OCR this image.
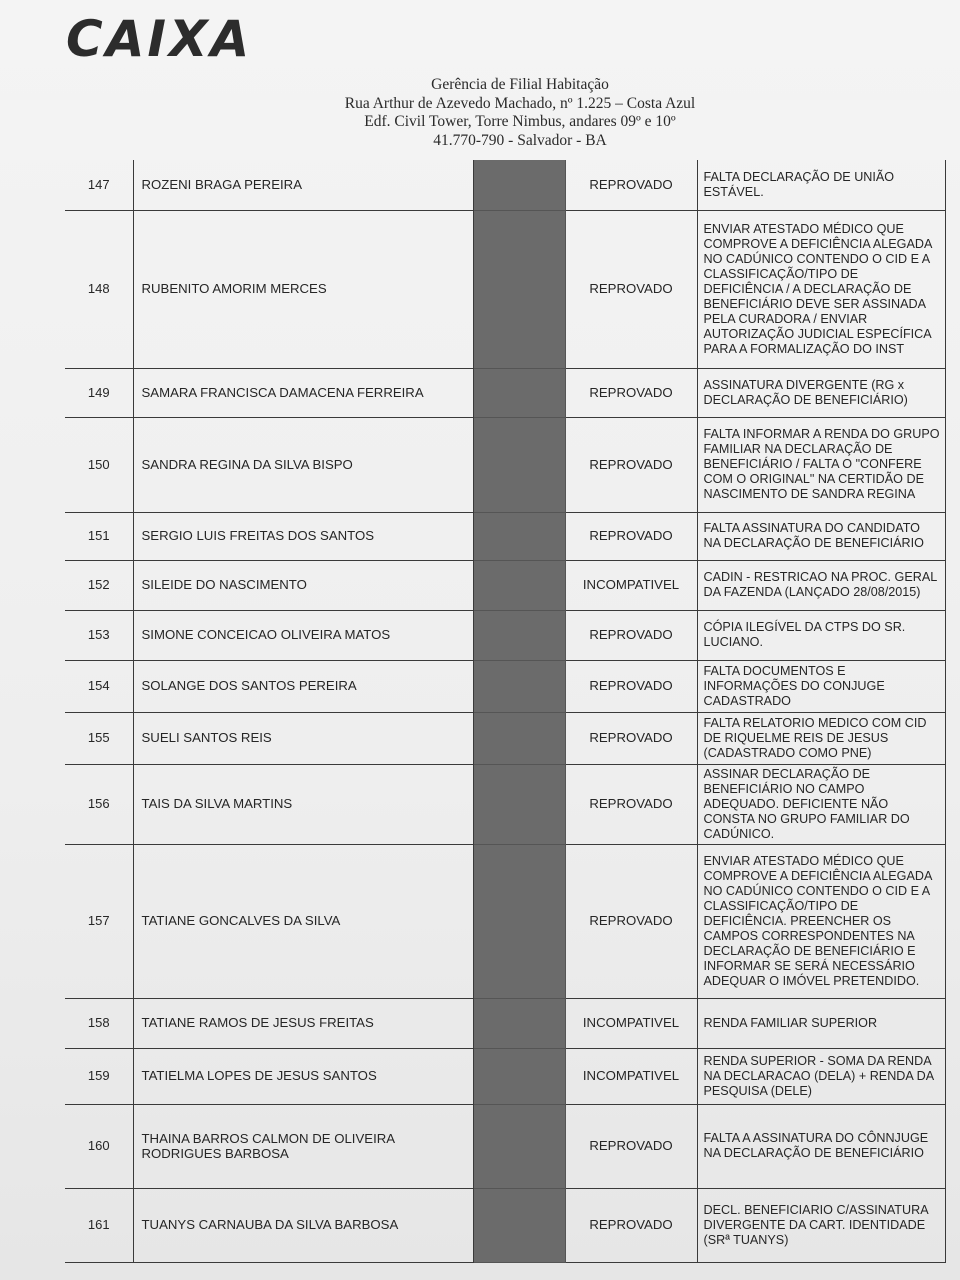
CAIXA
Gerência de Filial Habitação
Rua Arthur de Azevedo Machado, nº 1.225 – Costa Azul
Edf. Civil Tower, Torre Nimbus, andares 09º e 10º
41.770-790 - Salvador - BA
147	ROZENI BRAGA PEREIRA		REPROVADO	FALTA DECLARAÇÃO DE UNIÃO ESTÁVEL.
148	RUBENITO AMORIM MERCES		REPROVADO	ENVIAR ATESTADO MÉDICO QUE COMPROVE A DEFICIÊNCIA ALEGADA NO CADÚNICO CONTENDO O CID E A CLASSIFICAÇÃO/TIPO DE DEFICIÊNCIA / A DECLARAÇÃO DE BENEFICIÁRIO DEVE SER ASSINADA PELA CURADORA / ENVIAR AUTORIZAÇÃO JUDICIAL ESPECÍFICA PARA A FORMALIZAÇÃO DO INST
149	SAMARA FRANCISCA DAMACENA FERREIRA		REPROVADO	ASSINATURA DIVERGENTE (RG x DECLARAÇÃO DE BENEFICIÁRIO)
150	SANDRA REGINA DA SILVA BISPO		REPROVADO	FALTA INFORMAR A RENDA DO GRUPO FAMILIAR NA DECLARAÇÃO DE BENEFICIÁRIO / FALTA O "CONFERE COM O ORIGINAL" NA CERTIDÃO DE NASCIMENTO DE SANDRA REGINA
151	SERGIO LUIS FREITAS DOS SANTOS		REPROVADO	FALTA ASSINATURA DO CANDIDATO NA DECLARAÇÃO DE BENEFICIÁRIO
152	SILEIDE DO NASCIMENTO		INCOMPATIVEL	CADIN - RESTRICAO NA PROC. GERAL DA FAZENDA (LANÇADO 28/08/2015)
153	SIMONE CONCEICAO OLIVEIRA MATOS		REPROVADO	CÓPIA ILEGÍVEL DA CTPS DO SR. LUCIANO.
154	SOLANGE DOS SANTOS PEREIRA		REPROVADO	FALTA DOCUMENTOS E INFORMAÇÕES DO CONJUGE CADASTRADO
155	SUELI SANTOS REIS		REPROVADO	FALTA RELATORIO MEDICO COM CID DE RIQUELME REIS DE JESUS (CADASTRADO COMO PNE)
156	TAIS DA SILVA MARTINS		REPROVADO	ASSINAR DECLARAÇÃO DE BENEFICIÁRIO NO CAMPO ADEQUADO. DEFICIENTE NÃO CONSTA NO GRUPO FAMILIAR DO CADÚNICO.
157	TATIANE GONCALVES DA SILVA		REPROVADO	ENVIAR ATESTADO MÉDICO QUE COMPROVE A DEFICIÊNCIA ALEGADA NO CADÚNICO CONTENDO O CID E A CLASSIFICAÇÃO/TIPO DE DEFICIÊNCIA. PREENCHER OS CAMPOS CORRESPONDENTES NA DECLARAÇÃO DE BENEFICIÁRIO E INFORMAR SE SERÁ NECESSÁRIO ADEQUAR O IMÓVEL PRETENDIDO.
158	TATIANE RAMOS DE JESUS FREITAS		INCOMPATIVEL	RENDA FAMILIAR SUPERIOR
159	TATIELMA LOPES DE JESUS SANTOS		INCOMPATIVEL	RENDA SUPERIOR - SOMA DA RENDA NA DECLARACAO (DELA) + RENDA DA PESQUISA (DELE)
160	THAINA BARROS CALMON DE OLIVEIRA RODRIGUES BARBOSA		REPROVADO	FALTA A ASSINATURA DO CÔNNJUGE NA DECLARAÇÃO DE BENEFICIÁRIO
161	TUANYS CARNAUBA DA SILVA BARBOSA		REPROVADO	DECL. BENEFICIARIO C/ASSINATURA DIVERGENTE DA CART. IDENTIDADE (SRª TUANYS)
